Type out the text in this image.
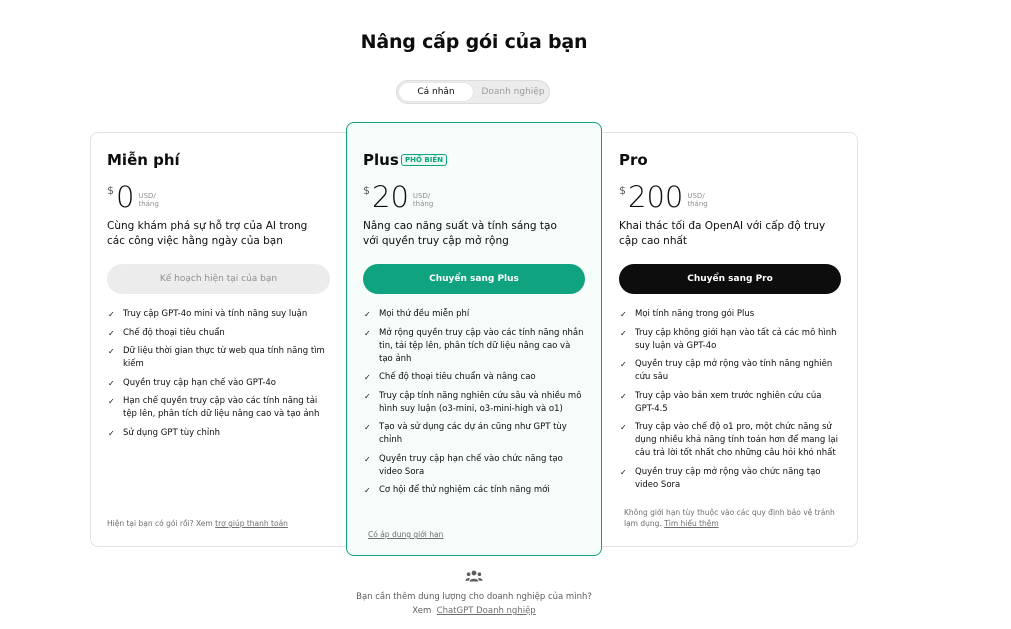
Nâng cấp gói của bạn
Cá nhân	Doanh nghiệp
Miễn phí
$ 0 USD/
tháng
Cùng khám phá sự hỗ trợ của AI trong các công việc hằng ngày của bạn
Kế hoạch hiện tại của bạn
✓ Truy cập GPT-4o mini và tính năng suy luận
✓ Chế độ thoại tiêu chuẩn
✓ Dữ liệu thời gian thực từ web qua tính năng tìm kiếm
✓ Quyền truy cập hạn chế vào GPT-4o
✓ Hạn chế quyền truy cập vào các tính năng tải tệp lên, phân tích dữ liệu nâng cao và tạo ảnh
✓ Sử dụng GPT tùy chỉnh
Hiện tại bạn có gói rồi? Xem trợ giúp thanh toán
Plus PHỔ BIẾN
$ 20 USD/
tháng
Nâng cao năng suất và tính sáng tạo với quyền truy cập mở rộng
Chuyển sang Plus
✓ Mọi thứ đều miễn phí
✓ Mở rộng quyền truy cập vào các tính năng nhắn tin, tải tệp lên, phân tích dữ liệu nâng cao và tạo ảnh
✓ Chế độ thoại tiêu chuẩn và nâng cao
✓ Truy cập tính năng nghiên cứu sâu và nhiều mô hình suy luận (o3-mini, o3-mini-high và o1)
✓ Tạo và sử dụng các dự án cũng như GPT tùy chỉnh
✓ Quyền truy cập hạn chế vào chức năng tạo video Sora
✓ Cơ hội để thử nghiệm các tính năng mới
Có áp dụng giới hạn
Pro
$ 200 USD/
tháng
Khai thác tối đa OpenAI với cấp độ truy cập cao nhất
Chuyển sang Pro
✓ Mọi tính năng trong gói Plus
✓ Truy cập không giới hạn vào tất cả các mô hình suy luận và GPT-4o
✓ Quyền truy cập mở rộng vào tính năng nghiên cứu sâu
✓ Truy cập vào bản xem trước nghiên cứu của GPT-4.5
✓ Truy cập vào chế độ o1 pro, một chức năng sử dụng nhiều khả năng tính toán hơn để mang lại câu trả lời tốt nhất cho những câu hỏi khó nhất
✓ Quyền truy cập mở rộng vào chức năng tạo video Sora
Không giới hạn tùy thuộc vào các quy định bảo vệ tránh lạm dụng. Tìm hiểu thêm
Bạn cần thêm dung lượng cho doanh nghiệp của mình?
Xem ChatGPT Doanh nghiệp
